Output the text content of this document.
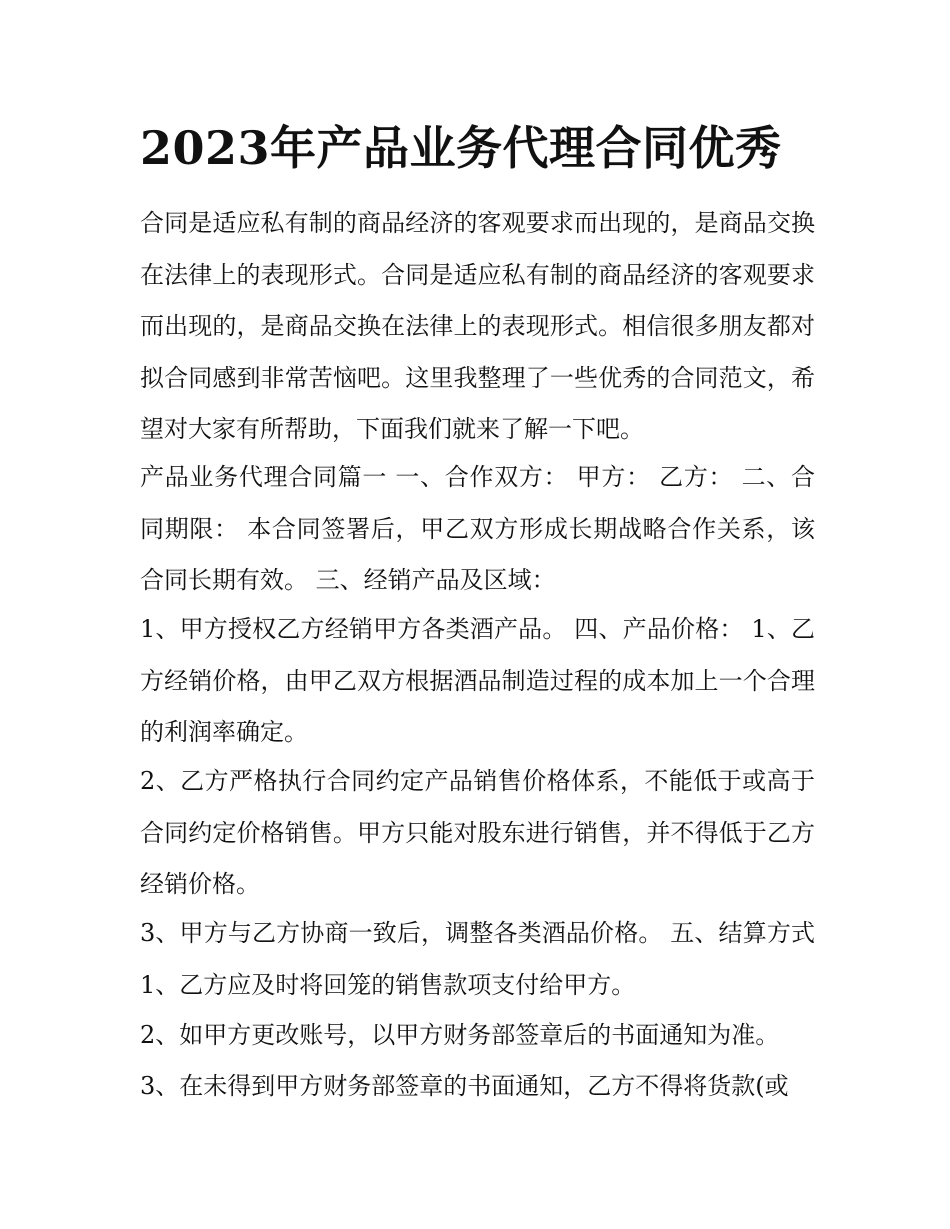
2023年产品业务代理合同优秀

合同是适应私有制的商品经济的客观要求而出现的，是商品交换在法律上的表现形式。合同是适应私有制的商品经济的客观要求而出现的，是商品交换在法律上的表现形式。相信很多朋友都对拟合同感到非常苦恼吧。这里我整理了一些优秀的合同范文，希望对大家有所帮助，下面我们就来了解一下吧。

产品业务代理合同篇一 一、合作双方： 甲方： 乙方： 二、合同期限： 本合同签署后，甲乙双方形成长期战略合作关系，该合同长期有效。 三、经销产品及区域：

1、甲方授权乙方经销甲方各类酒产品。 四、产品价格： 1、乙方经销价格，由甲乙双方根据酒品制造过程的成本加上一个合理的利润率确定。

2、乙方严格执行合同约定产品销售价格体系，不能低于或高于合同约定价格销售。甲方只能对股东进行销售，并不得低于乙方经销价格。

3、甲方与乙方协商一致后，调整各类酒品价格。 五、结算方式 1、乙方应及时将回笼的销售款项支付给甲方。

2、如甲方更改账号，以甲方财务部签章后的书面通知为准。

3、在未得到甲方财务部签章的书面通知，乙方不得将货款(或
